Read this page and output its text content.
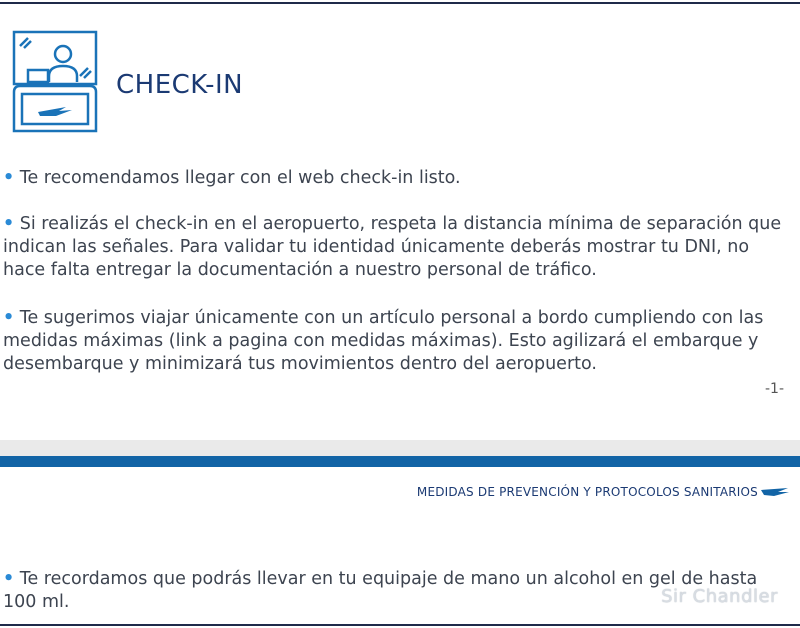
CHECK-IN

• Te recomendamos llegar con el web check-in listo.

• Si realizás el check-in en el aeropuerto, respeta la distancia mínima de separación que indican las señales. Para validar tu identidad únicamente deberás mostrar tu DNI, no hace falta entregar la documentación a nuestro personal de tráfico.

• Te sugerimos viajar únicamente con un artículo personal a bordo cumpliendo con las medidas máximas (link a pagina con medidas máximas). Esto agilizará el embarque y desembarque y minimizará tus movimientos dentro del aeropuerto.

-1-
MEDIDAS DE PREVENCIÓN Y PROTOCOLOS SANITARIOS

• Te recordamos que podrás llevar en tu equipaje de mano un alcohol en gel de hasta 100 ml.	Sir Chandler
